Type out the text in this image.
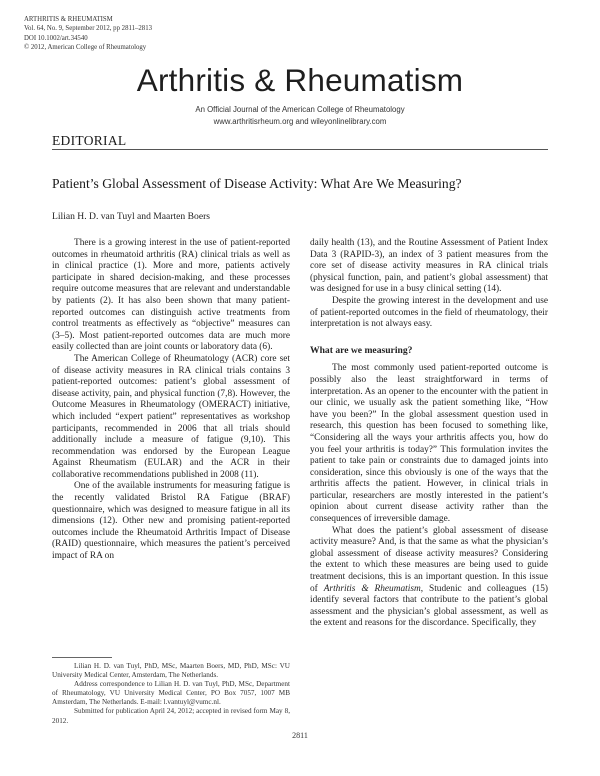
ARTHRITIS & RHEUMATISM
Vol. 64, No. 9, September 2012, pp 2811–2813
DOI 10.1002/art.34540
© 2012, American College of Rheumatology
Arthritis & Rheumatism
An Official Journal of the American College of Rheumatology
www.arthritisrheum.org and wileyonlinelibrary.com
EDITORIAL
Patient’s Global Assessment of Disease Activity: What Are We Measuring?
Lilian H. D. van Tuyl and Maarten Boers

There is a growing interest in the use of patient-reported outcomes in rheumatoid arthritis (RA) clinical trials as well as in clinical practice (1). More and more, patients actively participate in shared decision-making, and these processes require outcome measures that are relevant and understandable by patients (2). It has also been shown that many patient-reported outcomes can distinguish active treatments from control treatments as effectively as “objective” measures can (3–5). Most patient-reported outcomes data are much more easily collected than are joint counts or laboratory data (6).

The American College of Rheumatology (ACR) core set of disease activity measures in RA clinical trials contains 3 patient-reported outcomes: patient’s global assessment of disease activity, pain, and physical function (7,8). However, the Outcome Measures in Rheumatology (OMERACT) initiative, which included “expert patient” representatives as workshop participants, recommended in 2006 that all trials should additionally include a measure of fatigue (9,10). This recommendation was endorsed by the European League Against Rheumatism (EULAR) and the ACR in their collaborative recommendations published in 2008 (11).

One of the available instruments for measuring fatigue is the recently validated Bristol RA Fatigue (BRAF) questionnaire, which was designed to measure fatigue in all its dimensions (12). Other new and promising patient-reported outcomes include the Rheumatoid Arthritis Impact of Disease (RAID) questionnaire, which measures the patient’s perceived impact of RA on

daily health (13), and the Routine Assessment of Patient Index Data 3 (RAPID-3), an index of 3 patient measures from the core set of disease activity measures in RA clinical trials (physical function, pain, and patient’s global assessment) that was designed for use in a busy clinical setting (14).

Despite the growing interest in the development and use of patient-reported outcomes in the field of rheumatology, their interpretation is not always easy.

What are we measuring?

The most commonly used patient-reported outcome is possibly also the least straightforward in terms of interpretation. As an opener to the encounter with the patient in our clinic, we usually ask the patient something like, “How have you been?” In the global assessment question used in research, this question has been focused to something like, “Considering all the ways your arthritis affects you, how do you feel your arthritis is today?” This formulation invites the patient to take pain or constraints due to damaged joints into consideration, since this obviously is one of the ways that the arthritis affects the patient. However, in clinical trials in particular, researchers are mostly interested in the patient’s opinion about current disease activity rather than the consequences of irreversible damage.

What does the patient’s global assessment of disease activity measure? And, is that the same as what the physician’s global assessment of disease activity measures? Considering the extent to which these measures are being used to guide treatment decisions, this is an important question. In this issue of Arthritis & Rheumatism, Studenic and colleagues (15) identify several factors that contribute to the patient’s global assessment and the physician’s global assessment, as well as the extent and reasons for the discordance. Specifically, they

Lilian H. D. van Tuyl, PhD, MSc, Maarten Boers, MD, PhD, MSc: VU University Medical Center, Amsterdam, The Netherlands.

Address correspondence to Lilian H. D. van Tuyl, PhD, MSc, Department of Rheumatology, VU University Medical Center, PO Box 7057, 1007 MB Amsterdam, The Netherlands. E-mail: l.vantuyl@vumc.nl.

Submitted for publication April 24, 2012; accepted in revised form May 8, 2012.

2811
